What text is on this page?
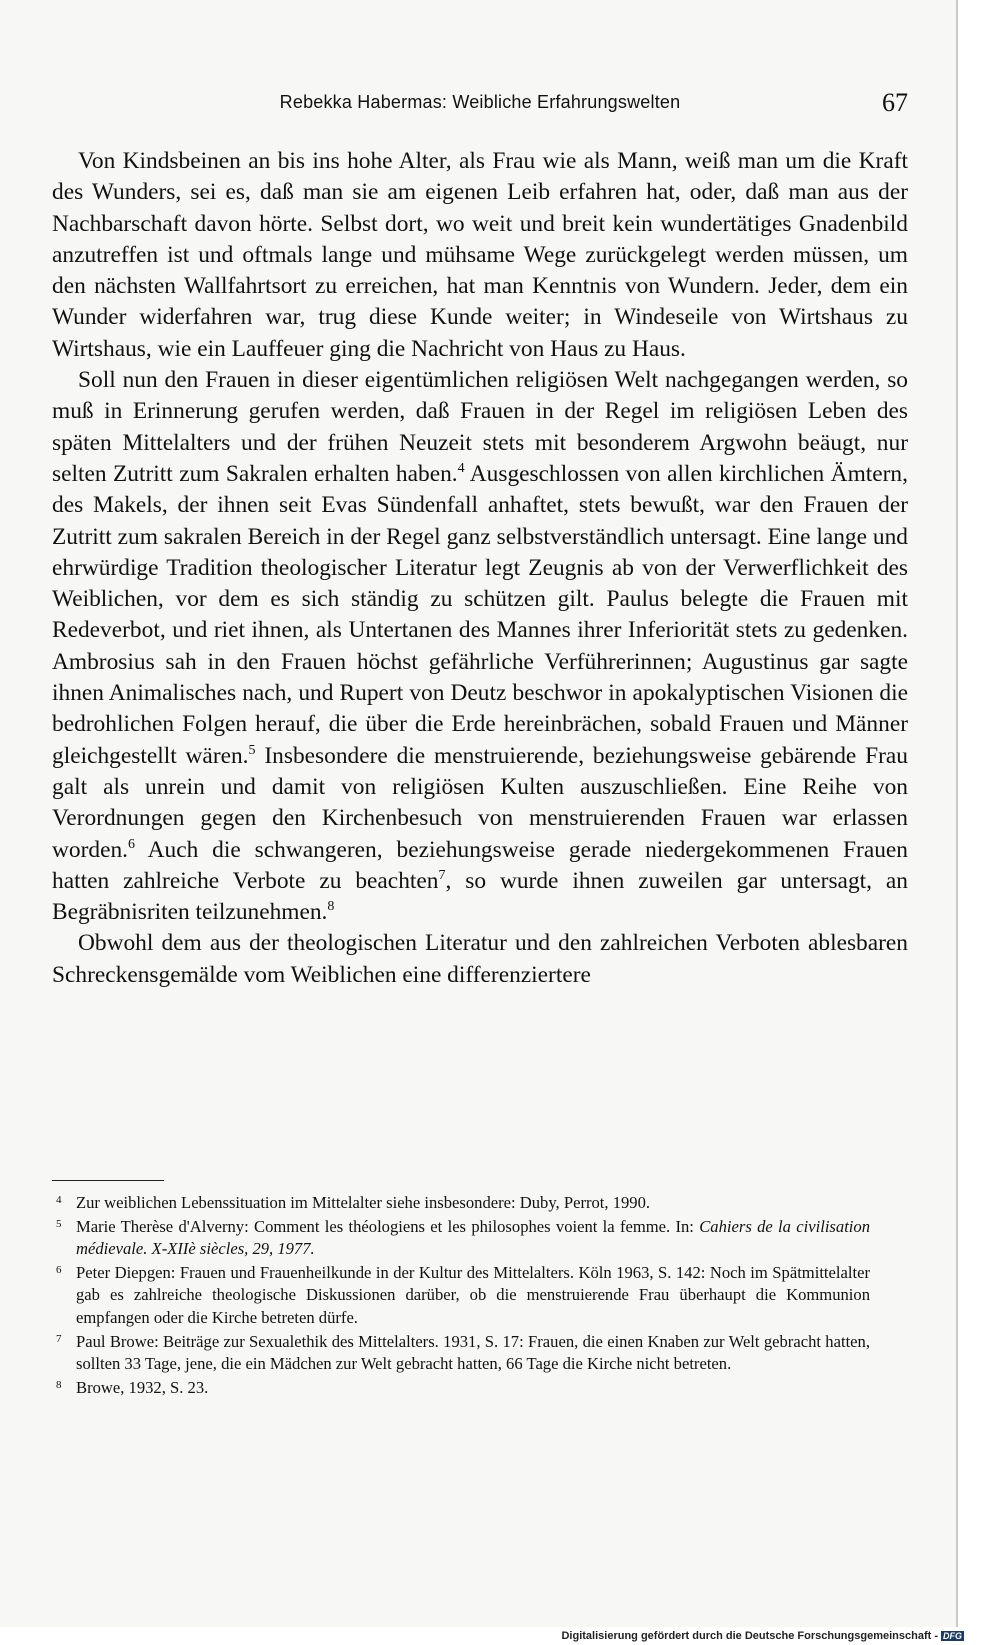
Rebekka Habermas: Weibliche Erfahrungswelten	67

Von Kindsbeinen an bis ins hohe Alter, als Frau wie als Mann, weiß man um die Kraft des Wunders, sei es, daß man sie am eigenen Leib erfahren hat, oder, daß man aus der Nachbarschaft davon hörte. Selbst dort, wo weit und breit kein wundertätiges Gnadenbild anzutreffen ist und oftmals lange und mühsame Wege zurückgelegt werden müssen, um den nächsten Wallfahrtsort zu erreichen, hat man Kenntnis von Wundern. Jeder, dem ein Wunder widerfahren war, trug diese Kunde weiter; in Windeseile von Wirtshaus zu Wirtshaus, wie ein Lauffeuer ging die Nachricht von Haus zu Haus.

Soll nun den Frauen in dieser eigentümlichen religiösen Welt nachgegangen werden, so muß in Erinnerung gerufen werden, daß Frauen in der Regel im religiösen Leben des späten Mittelalters und der frühen Neuzeit stets mit besonderem Argwohn beäugt, nur selten Zutritt zum Sakralen erhalten haben.$^4$ Ausgeschlossen von allen kirchlichen Ämtern, des Makels, der ihnen seit Evas Sündenfall anhaftet, stets bewußt, war den Frauen der Zutritt zum sakralen Bereich in der Regel ganz selbstverständlich untersagt. Eine lange und ehrwürdige Tradition theologischer Literatur legt Zeugnis ab von der Verwerflichkeit des Weiblichen, vor dem es sich ständig zu schützen gilt. Paulus belegte die Frauen mit Redeverbot, und riet ihnen, als Untertanen des Mannes ihrer Inferiorität stets zu gedenken. Ambrosius sah in den Frauen höchst gefährliche Verführerinnen; Augustinus gar sagte ihnen Animalisches nach, und Rupert von Deutz beschwor in apokalyptischen Visionen die bedrohlichen Folgen herauf, die über die Erde hereinbrächen, sobald Frauen und Männer gleichgestellt wären.$^5$ Insbesondere die menstruierende, beziehungsweise gebärende Frau galt als unrein und damit von religiösen Kulten auszuschließen. Eine Reihe von Verordnungen gegen den Kirchenbesuch von menstruierenden Frauen war erlassen worden.$^6$ Auch die schwangeren, beziehungsweise gerade niedergekommenen Frauen hatten zahlreiche Verbote zu beachten$^7$, so wurde ihnen zuweilen gar untersagt, an Begräbnisriten teilzunehmen.$^8$

Obwohl dem aus der theologischen Literatur und den zahlreichen Verboten ablesbaren Schreckensgemälde vom Weiblichen eine differenziertere

4 Zur weiblichen Lebenssituation im Mittelalter siehe insbesondere: Duby, Perrot, 1990.
5 Marie Therèse d'Alverny: Comment les théologiens et les philosophes voient la femme. In: Cahiers de la civilisation médievale. X-XIIè siècles, 29, 1977.
6 Peter Diepgen: Frauen und Frauenheilkunde in der Kultur des Mittelalters. Köln 1963, S. 142: Noch im Spätmittelalter gab es zahlreiche theologische Diskussionen darüber, ob die menstruierende Frau überhaupt die Kommunion empfangen oder die Kirche betreten dürfe.
7 Paul Browe: Beiträge zur Sexualethik des Mittelalters. 1931, S. 17: Frauen, die einen Knaben zur Welt gebracht hatten, sollten 33 Tage, jene, die ein Mädchen zur Welt gebracht hatten, 66 Tage die Kirche nicht betreten.
8 Browe, 1932, S. 23.
Digitalisierung gefördert durch die Deutsche Forschungsgemeinschaft - DFG
